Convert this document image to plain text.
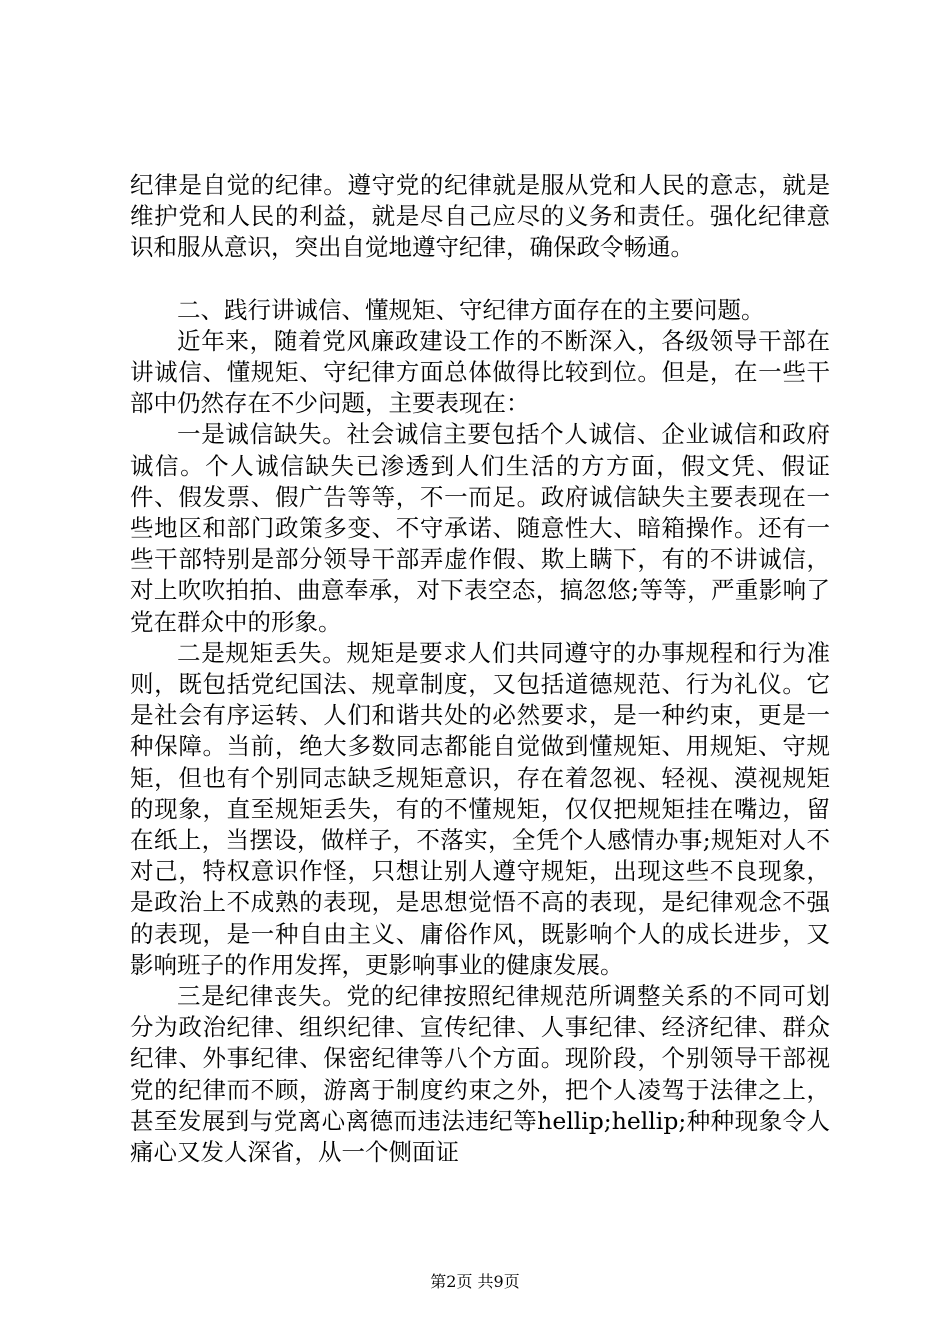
纪律是自觉的纪律。遵守党的纪律就是服从党和人民的意志，就是维护党和人民的利益，就是尽自己应尽的义务和责任。强化纪律意识和服从意识，突出自觉地遵守纪律，确保政令畅通。

二、践行讲诚信、懂规矩、守纪律方面存在的主要问题。

近年来，随着党风廉政建设工作的不断深入，各级领导干部在讲诚信、懂规矩、守纪律方面总体做得比较到位。但是，在一些干部中仍然存在不少问题，主要表现在：

一是诚信缺失。社会诚信主要包括个人诚信、企业诚信和政府诚信。个人诚信缺失已渗透到人们生活的方方面，假文凭、假证件、假发票、假广告等等，不一而足。政府诚信缺失主要表现在一些地区和部门政策多变、不守承诺、随意性大、暗箱操作。还有一些干部特别是部分领导干部弄虚作假、欺上瞒下，有的不讲诚信，对上吹吹拍拍、曲意奉承，对下表空态，搞忽悠;等等，严重影响了党在群众中的形象。

二是规矩丢失。规矩是要求人们共同遵守的办事规程和行为准则，既包括党纪国法、规章制度，又包括道德规范、行为礼仪。它是社会有序运转、人们和谐共处的必然要求，是一种约束，更是一种保障。当前，绝大多数同志都能自觉做到懂规矩、用规矩、守规矩，但也有个别同志缺乏规矩意识，存在着忽视、轻视、漠视规矩的现象，直至规矩丢失，有的不懂规矩，仅仅把规矩挂在嘴边，留在纸上，当摆设，做样子，不落实，全凭个人感情办事;规矩对人不对己，特权意识作怪，只想让别人遵守规矩，出现这些不良现象，是政治上不成熟的表现，是思想觉悟不高的表现，是纪律观念不强的表现，是一种自由主义、庸俗作风，既影响个人的成长进步，又影响班子的作用发挥，更影响事业的健康发展。

三是纪律丧失。党的纪律按照纪律规范所调整关系的不同可划分为政治纪律、组织纪律、宣传纪律、人事纪律、经济纪律、群众纪律、外事纪律、保密纪律等八个方面。现阶段，个别领导干部视党的纪律而不顾，游离于制度约束之外，把个人凌驾于法律之上，甚至发展到与党离心离德而违法违纪等hellip;hellip;种种现象令人痛心又发人深省，从一个侧面证

第2页 共9页
